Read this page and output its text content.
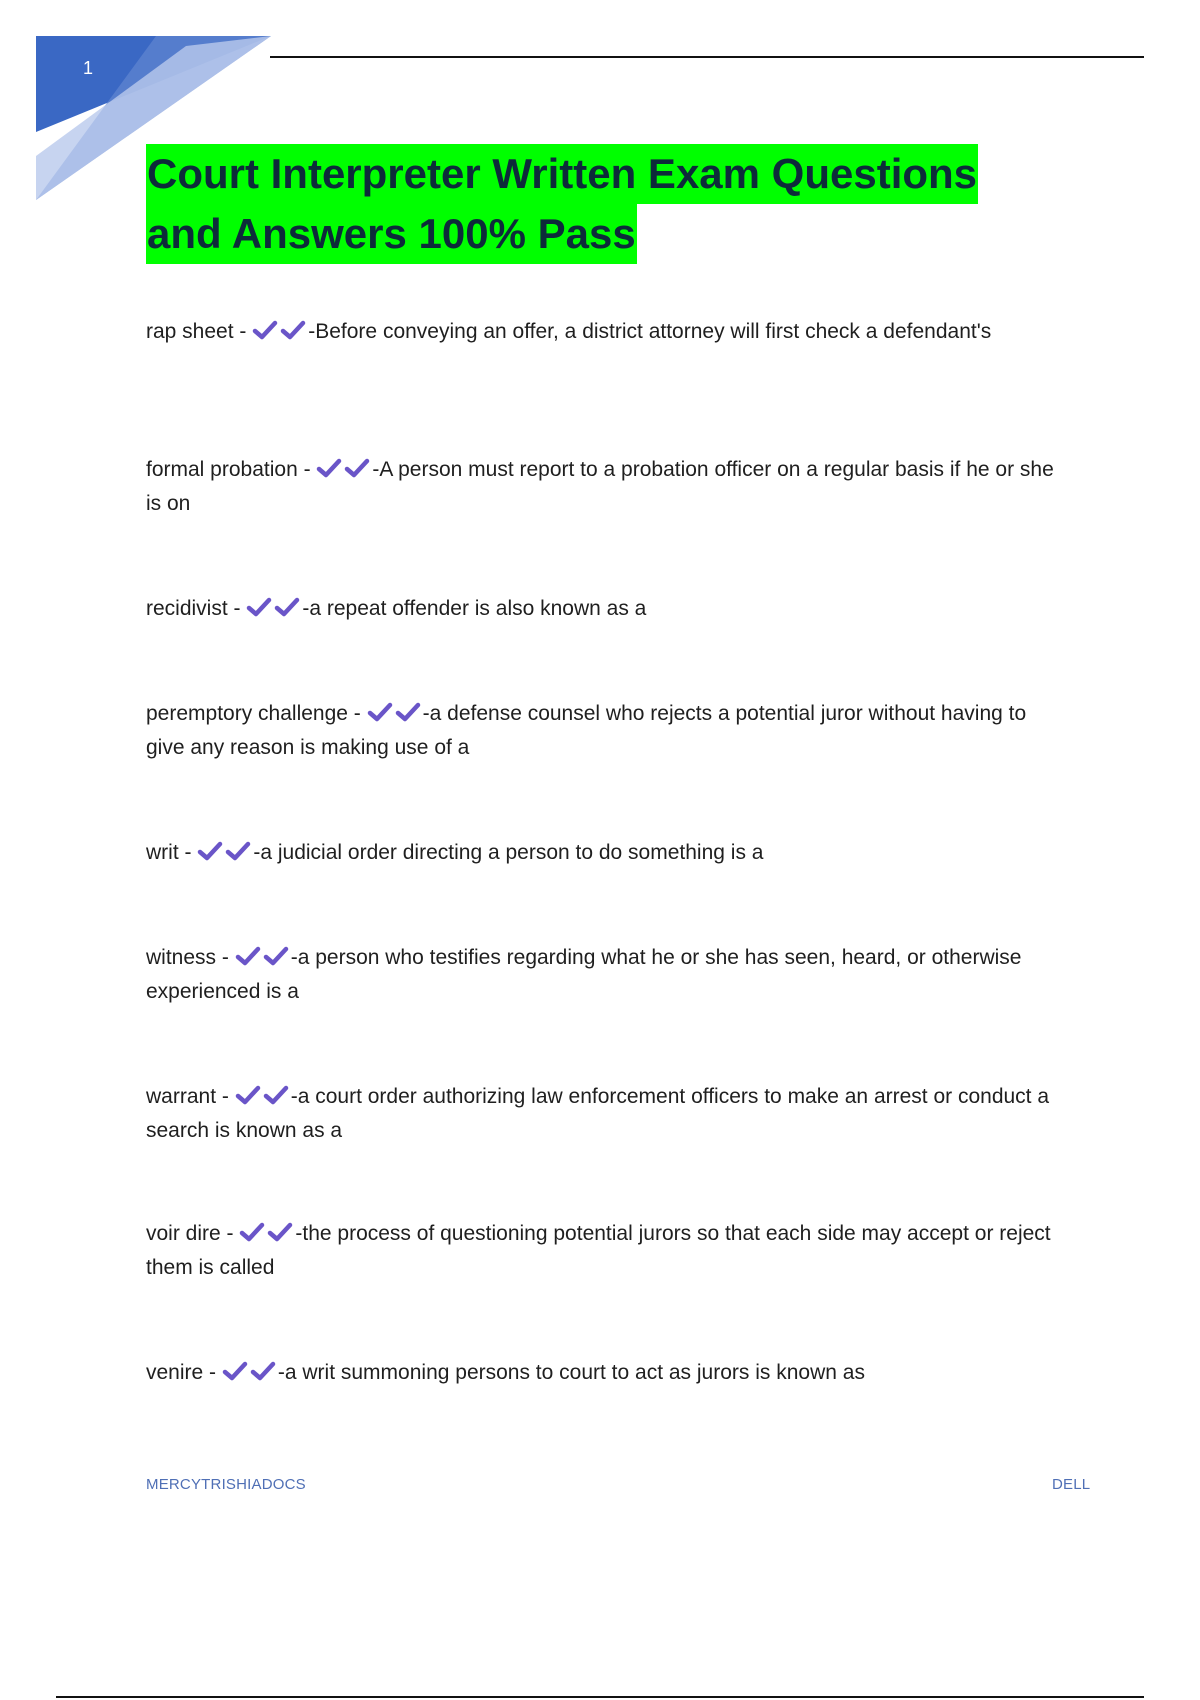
1
Court Interpreter Written Exam Questions
and Answers 100% Pass
rap sheet -	-Before conveying an offer, a district attorney will first check a defendant's
formal probation -	-A person must report to a probation officer on a regular basis if he or she is on
recidivist -	-a repeat offender is also known as a
peremptory challenge -	-a defense counsel who rejects a potential juror without having to give any reason is making use of a
writ -	-a judicial order directing a person to do something is a
witness -	-a person who testifies regarding what he or she has seen, heard, or otherwise experienced is a
warrant -	-a court order authorizing law enforcement officers to make an arrest or conduct a search is known as a
voir dire -	-the process of questioning potential jurors so that each side may accept or reject them is called
venire -	-a writ summoning persons to court to act as jurors is known as
MERCYTRISHIADOCS	DELL
